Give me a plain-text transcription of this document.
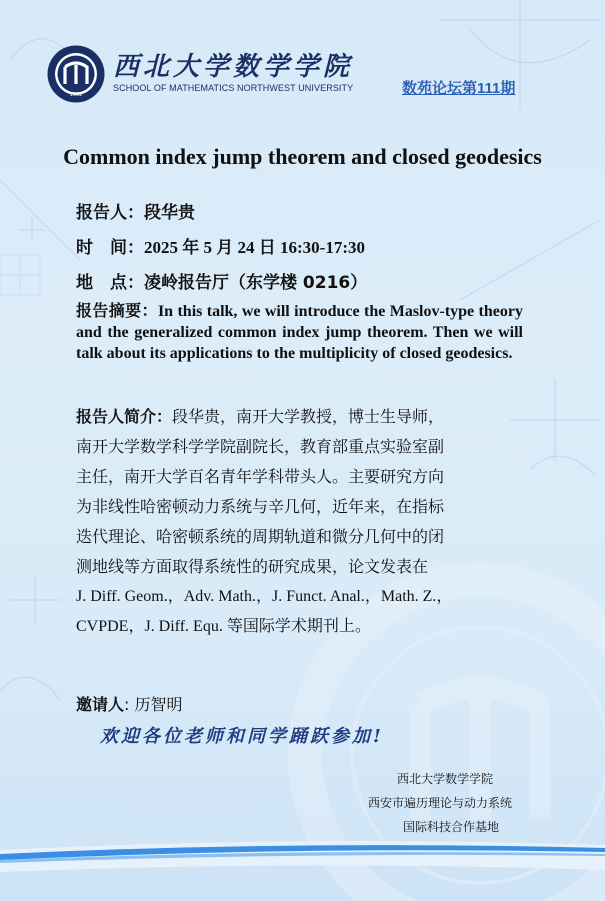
1902
西北大学数学学院
SCHOOL OF MATHEMATICS NORTHWEST UNIVERSITY	数苑论坛第111期
Common index jump theorem and closed geodesics
报告人：段华贵
时　间：2025 年 5 月 24 日 16:30-17:30
地　点：凌岭报告厅（东学楼 0216）
报告摘要：In this talk, we will introduce the Maslov-type theory and the generalized common index jump theorem. Then we will talk about its applications to the multiplicity of closed geodesics.
报告人简介：段华贵，南开大学教授，博士生导师，
南开大学数学科学学院副院长，教育部重点实验室副
主任，南开大学百名青年学科带头人。主要研究方向
为非线性哈密顿动力系统与辛几何，近年来，在指标
迭代理论、哈密顿系统的周期轨道和微分几何中的闭
测地线等方面取得系统性的研究成果，论文发表在
J. Diff. Geom.，Adv. Math.，J. Funct. Anal.，Math. Z.，
CVPDE，J. Diff. Equ. 等国际学术期刊上。
邀请人: 历智明
欢迎各位老师和同学踊跃参加!
西北大学数学学院
西安市遍历理论与动力系统
国际科技合作基地
